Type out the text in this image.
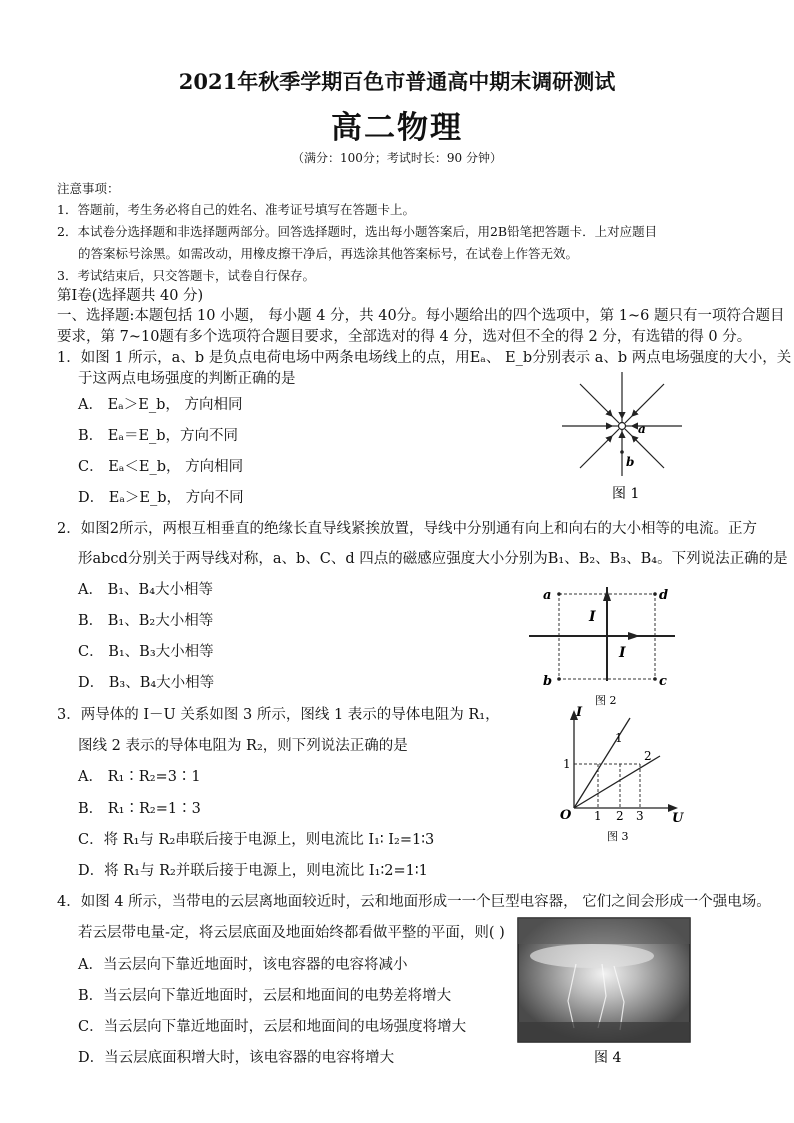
2021年秋季学期百色市普通高中期末调研测试
高二物理
（满分：100分；考试时长：90 分钟）
注意事项：
1．答题前，考生务必将自己的姓名、准考证号填写在答题卡上。
2．本试卷分选择题和非选择题两部分。回答选择题时，选出每小题答案后，用2B铅笔把答题卡．上对应题目
的答案标号涂黑。如需改动，用橡皮擦干净后，再选涂其他答案标号，在试卷上作答无效。
3．考试结束后，只交答题卡，试卷自行保存。
第Ⅰ卷(选择题共 40 分)
一、选择题:本题包括 10 小题， 每小题 4 分，共 40分。每小题给出的四个选项中，第 1~6 题只有一项符合题目
要求，第 7~10题有多个选项符合题目要求，全部选对的得 4 分，选对但不全的得 2 分，有选错的得 0 分。
1．如图 1 所示，a、b 是负点电荷电场中两条电场线上的点，用Eₐ、 E_b分别表示 a、b 两点电场强度的大小，关
于这两点电场强度的判断正确的是
A． Eₐ＞E_b， 方向相同
B． Eₐ＝E_b，方向不同
C． Eₐ＜E_b， 方向相同
D． Eₐ＞E_b， 方向不同
a
b
图 1
2．如图2所示，两根互相垂直的绝缘长直导线紧挨放置，导线中分别通有向上和向右的大小相等的电流。正方
形abcd分别关于两导线对称，a、b、C、d 四点的磁感应强度大小分别为B₁、B₂、B₃、B₄。下列说法正确的是
A． B₁、B₄大小相等
B． B₁、B₂大小相等
C． B₁、B₃大小相等
D． B₃、B₄大小相等
a	d
b	c
I
I
图 2
3．两导体的 I－U 关系如图 3 所示，图线 1 表示的导体电阻为 R₁，
图线 2 表示的导体电阻为 R₂，则下列说法正确的是
A． R₁∶R₂=3∶1
B． R₁∶R₂=1∶3
C．将 R₁与 R₂串联后接于电源上，则电流比 I₁∶ I₂=1∶3
D．将 R₁与 R₂并联后接于电源上，则电流比 I₁∶2=1∶1
I
U
O
1
1 2 3
1
2
图 3
4．如图 4 所示，当带电的云层离地面较近时，云和地面形成一一个巨型电容器， 它们之间会形成一个强电场。
若云层带电量-定，将云层底面及地面始终都看做平整的平面，则( )
A．当云层向下靠近地面时，该电容器的电容将减小
B．当云层向下靠近地面时，云层和地面间的电势差将增大
C．当云层向下靠近地面时，云层和地面间的电场强度将增大
D．当云层底面积增大时，该电容器的电容将增大	图 4
